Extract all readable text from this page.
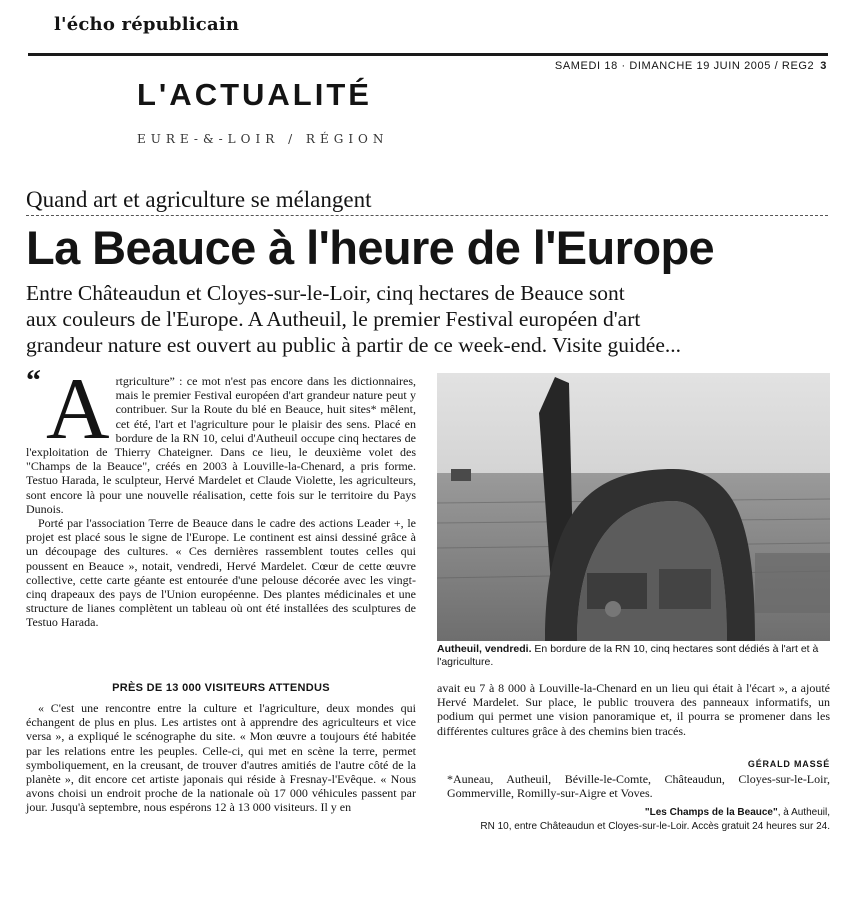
l'écho républicain
SAMEDI 18 · DIMANCHE 19 JUIN 2005 / REG2 3
L'ACTUALITÉ
EURE-&-LOIR / RÉGION
Quand art et agriculture se mélangent
La Beauce à l'heure de l'Europe
Entre Châteaudun et Cloyes-sur-le-Loir, cinq hectares de Beauce sont
aux couleurs de l'Europe. A Autheuil, le premier Festival européen d'art
grandeur nature est ouvert au public à partir de ce week-end. Visite guidée...
“ A rtgriculture” : ce mot n'est pas encore dans les dictionnaires, mais le premier Festival européen d'art grandeur nature peut y contribuer. Sur la Route du blé en Beauce, huit sites* mêlent, cet été, l'art et l'agriculture pour le plaisir des sens. Placé en bordure de la RN 10, celui d'Autheuil occupe cinq hectares de l'exploitation de Thierry Chateigner. Dans ce lieu, le deuxième volet des "Champs de la Beauce", créés en 2003 à Louville-la-Chenard, a pris forme. Testuo Harada, le sculpteur, Hervé Mardelet et Claude Violette, les agriculteurs, sont encore là pour une nouvelle réalisation, cette fois sur le territoire du Pays Dunois.

Porté par l'association Terre de Beauce dans le cadre des actions Leader +, le projet est placé sous le signe de l'Europe. Le continent est ainsi dessiné grâce à un découpage des cultures. « Ces dernières rassemblent toutes celles qui poussent en Beauce », notait, vendredi, Hervé Mardelet. Cœur de cette œuvre collective, cette carte géante est entourée d'une pelouse décorée avec les vingt-cinq drapeaux des pays de l'Union européenne. Des plantes médicinales et une structure de lianes complètent un tableau où ont été installées des sculptures de Testuo Harada.

PRÈS DE 13 000 VISITEURS ATTENDUS

« C'est une rencontre entre la culture et l'agriculture, deux mondes qui échangent de plus en plus. Les artistes ont à apprendre des agriculteurs et vice versa », a expliqué le scénographe du site. « Mon œuvre a toujours été habitée par les relations entre les peuples. Celle-ci, qui met en scène la terre, permet symboliquement, en la creusant, de trouver d'autres amitiés de l'autre côté de la planète », dit encore cet artiste japonais qui réside à Fresnay-l'Evêque. « Nous avons choisi un endroit proche de la nationale où 17 000 véhicules passent par jour. Jusqu'à septembre, nous espérons 12 à 13 000 visiteurs. Il y en

Autheuil, vendredi. En bordure de la RN 10, cinq hectares sont dédiés à l'art et à l'agriculture.

avait eu 7 à 8 000 à Louville-la-Chenard en un lieu qui était à l'écart », a ajouté Hervé Mardelet. Sur place, le public trouvera des panneaux informatifs, un podium qui permet une vision panoramique et, il pourra se promener dans les différentes cultures grâce à des chemins bien tracés.

GÉRALD MASSÉ
*Auneau, Autheuil, Béville-le-Comte, Châteaudun, Cloyes-sur-le-Loir, Gommerville, Romilly-sur-Aigre et Voves.
"Les Champs de la Beauce", à Autheuil,
RN 10, entre Châteaudun et Cloyes-sur-le-Loir. Accès gratuit 24 heures sur 24.
